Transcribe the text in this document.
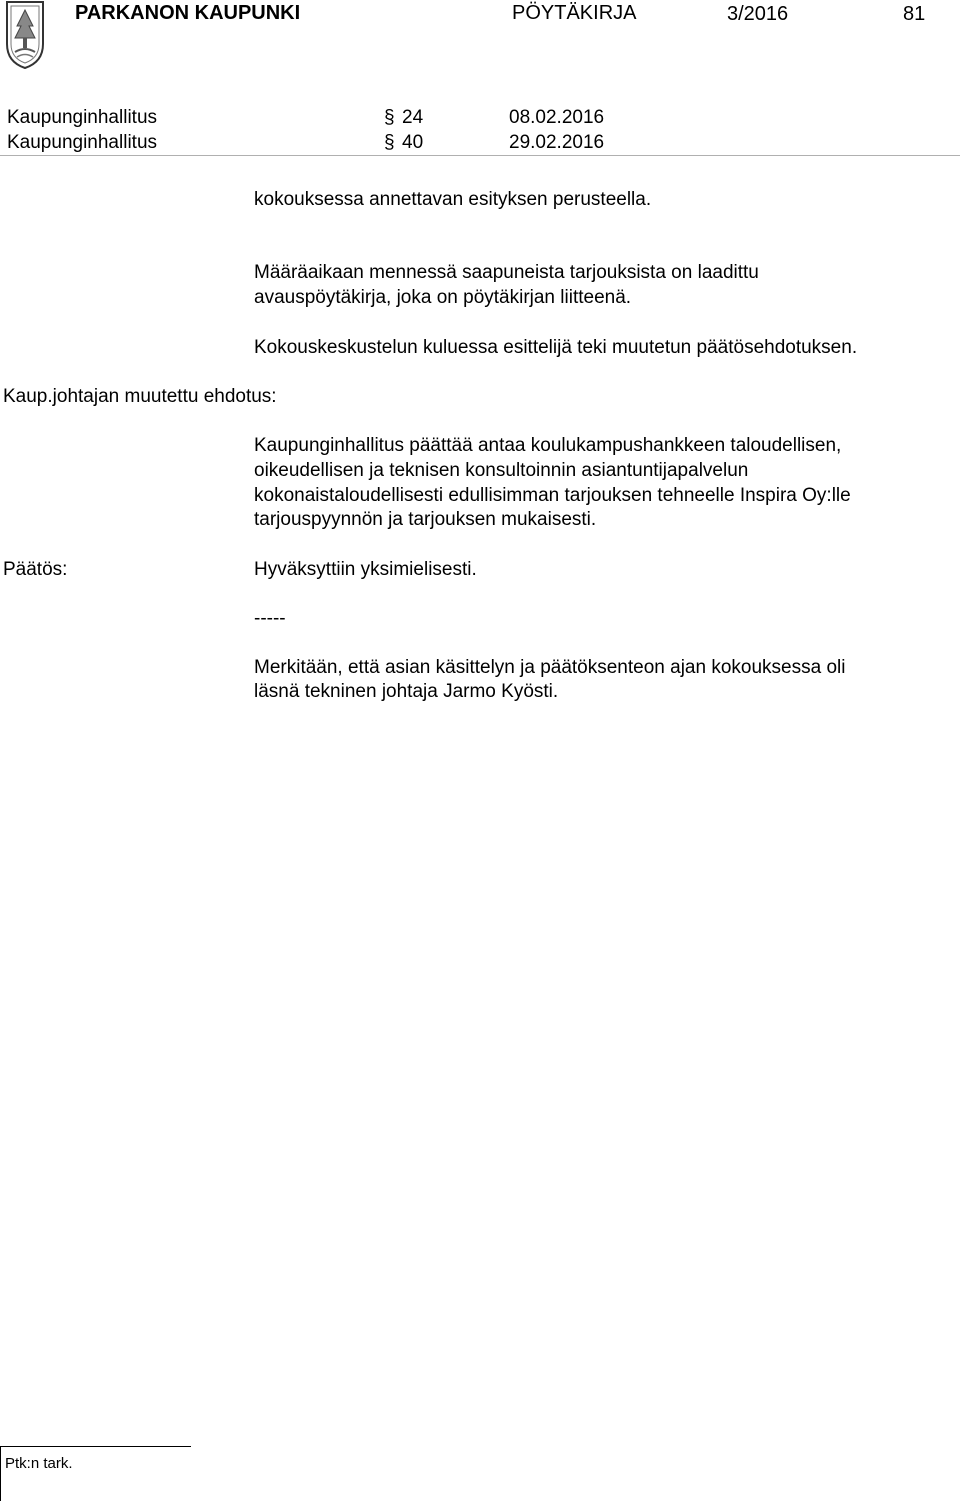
PARKANON KAUPUNKI	PÖYTÄKIRJA	3/2016	81
Kaupunginhallitus	§ 24	08.02.2016
Kaupunginhallitus	§ 40	29.02.2016
kokouksessa annettavan esityksen perusteella.
Määräaikaan mennessä saapuneista tarjouksista on laadittu
avauspöytäkirja, joka on pöytäkirjan liitteenä.
Kokouskeskustelun kuluessa esittelijä teki muutetun päätösehdotuksen.
Kaup.johtajan muutettu ehdotus:
Kaupunginhallitus päättää antaa koulukampushankkeen taloudellisen,
oikeudellisen ja teknisen konsultoinnin asiantuntijapalvelun
kokonaistaloudellisesti edullisimman tarjouksen tehneelle Inspira Oy:lle
tarjouspyynnön ja tarjouksen mukaisesti.
Päätös:	Hyväksyttiin yksimielisesti.
-----
Merkitään, että asian käsittelyn ja päätöksenteon ajan kokouksessa oli
läsnä tekninen johtaja Jarmo Kyösti.
Ptk:n tark.
